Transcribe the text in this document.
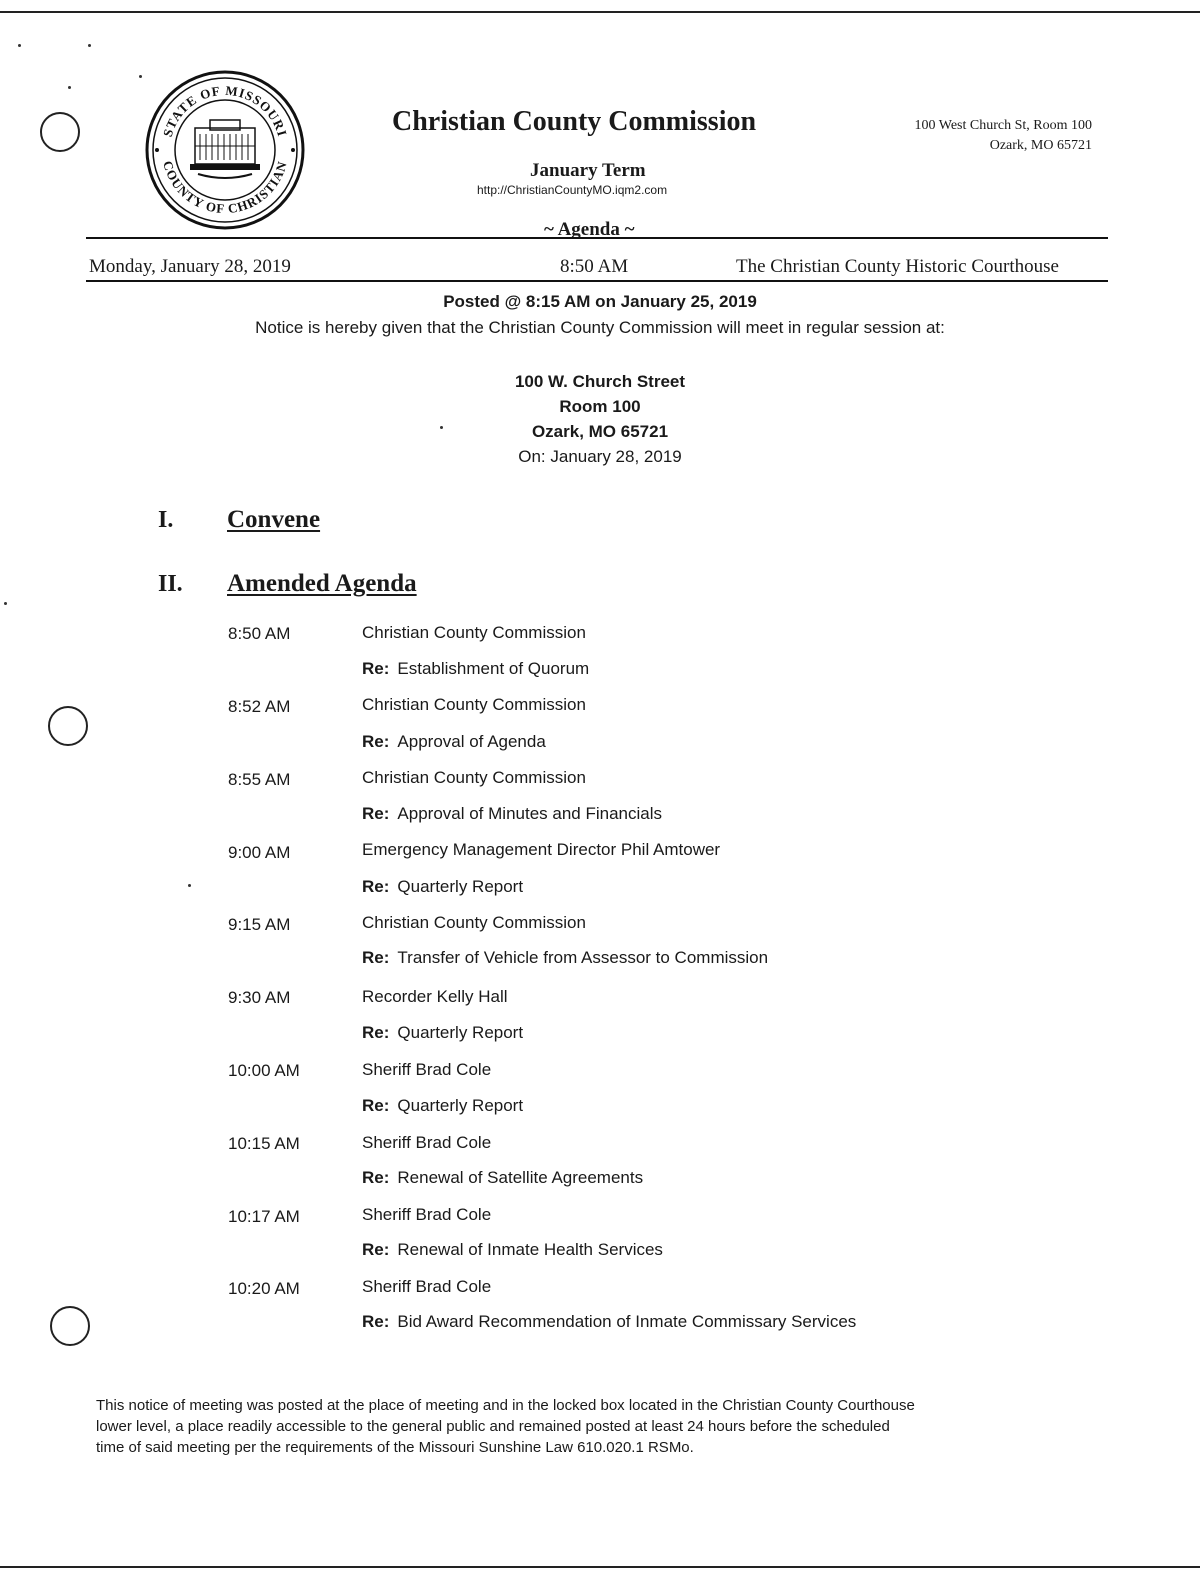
STATE OF MISSOURI
COUNTY OF CHRISTIAN
Christian County Commission
January Term
http://ChristianCountyMO.iqm2.com
100 West Church St, Room 100
Ozark, MO 65721
~ Agenda ~
Monday, January 28, 2019	8:50 AM	The Christian County Historic Courthouse
Posted @ 8:15 AM on January 25, 2019
Notice is hereby given that the Christian County Commission will meet in regular session at:
100 W. Church Street
Room 100
Ozark, MO 65721
On: January 28, 2019
I. Convene
II. Amended Agenda
8:50 AM	Christian County Commission
Re: Establishment of Quorum
8:52 AM	Christian County Commission
Re: Approval of Agenda
8:55 AM	Christian County Commission
Re: Approval of Minutes and Financials
9:00 AM	Emergency Management Director Phil Amtower
Re: Quarterly Report
9:15 AM	Christian County Commission
Re: Transfer of Vehicle from Assessor to Commission
9:30 AM	Recorder Kelly Hall
Re: Quarterly Report
10:00 AM	Sheriff Brad Cole
Re: Quarterly Report
10:15 AM	Sheriff Brad Cole
Re: Renewal of Satellite Agreements
10:17 AM	Sheriff Brad Cole
Re: Renewal of Inmate Health Services
10:20 AM	Sheriff Brad Cole
Re: Bid Award Recommendation of Inmate Commissary Services
This notice of meeting was posted at the place of meeting and in the locked box located in the Christian County Courthouse
lower level, a place readily accessible to the general public and remained posted at least 24 hours before the scheduled
time of said meeting per the requirements of the Missouri Sunshine Law 610.020.1 RSMo.
